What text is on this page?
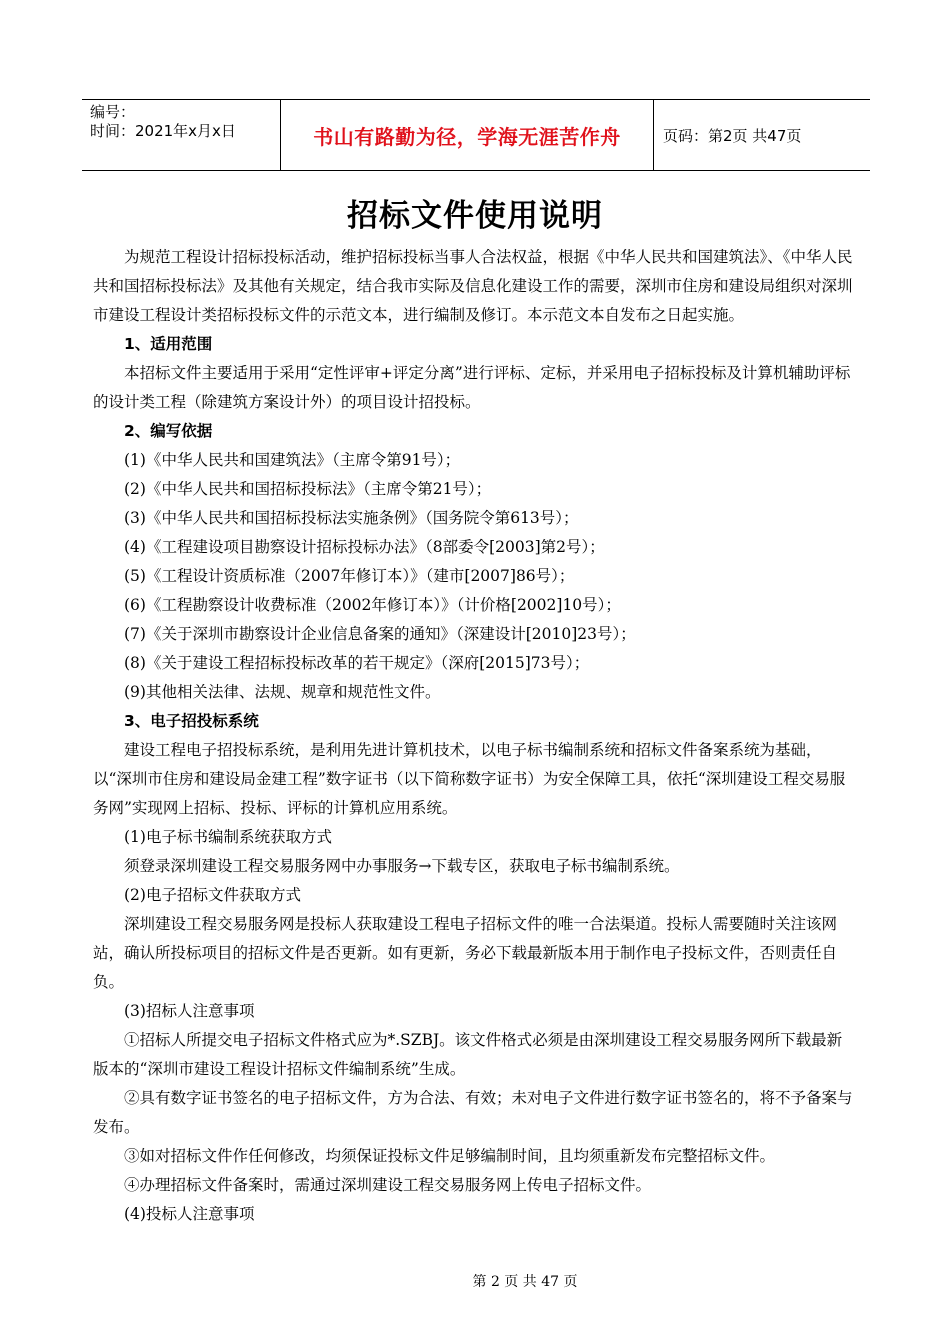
编号：
时间：2021年x月x日	书山有路勤为径，学海无涯苦作舟	页码：第2页 共47页
招标文件使用说明

为规范工程设计招标投标活动，维护招标投标当事人合法权益，根据《中华人民共和国建筑法》、《中华人民共和国招标投标法》及其他有关规定，结合我市实际及信息化建设工作的需要，深圳市住房和建设局组织对深圳市建设工程设计类招标投标文件的示范文本，进行编制及修订。本示范文本自发布之日起实施。

1、适用范围

本招标文件主要适用于采用“定性评审+评定分离”进行评标、定标，并采用电子招标投标及计算机辅助评标的设计类工程（除建筑方案设计外）的项目设计招投标。

2、编写依据

(1)《中华人民共和国建筑法》（主席令第91号）；

(2)《中华人民共和国招标投标法》（主席令第21号）；

(3)《中华人民共和国招标投标法实施条例》（国务院令第613号）；

(4)《工程建设项目勘察设计招标投标办法》（8部委令[2003]第2号）；

(5)《工程设计资质标准（2007年修订本）》（建市[2007]86号）；

(6)《工程勘察设计收费标准（2002年修订本）》（计价格[2002]10号）；

(7)《关于深圳市勘察设计企业信息备案的通知》（深建设计[2010]23号）；

(8)《关于建设工程招标投标改革的若干规定》（深府[2015]73号）；

(9)其他相关法律、法规、规章和规范性文件。

3、电子招投标系统

建设工程电子招投标系统，是利用先进计算机技术，以电子标书编制系统和招标文件备案系统为基础，以“深圳市住房和建设局金建工程”数字证书（以下简称数字证书）为安全保障工具，依托“深圳建设工程交易服务网”实现网上招标、投标、评标的计算机应用系统。

(1)电子标书编制系统获取方式

须登录深圳建设工程交易服务网中办事服务→下载专区，获取电子标书编制系统。

(2)电子招标文件获取方式

深圳建设工程交易服务网是投标人获取建设工程电子招标文件的唯一合法渠道。投标人需要随时关注该网站，确认所投标项目的招标文件是否更新。如有更新，务必下载最新版本用于制作电子投标文件，否则责任自负。

(3)招标人注意事项

①招标人所提交电子招标文件格式应为*.SZBJ。该文件格式必须是由深圳建设工程交易服务网所下载最新版本的“深圳市建设工程设计招标文件编制系统”生成。

②具有数字证书签名的电子招标文件，方为合法、有效；未对电子文件进行数字证书签名的，将不予备案与发布。

③如对招标文件作任何修改，均须保证投标文件足够编制时间，且均须重新发布完整招标文件。

④办理招标文件备案时，需通过深圳建设工程交易服务网上传电子招标文件。

(4)投标人注意事项

第 2 页 共 47 页
